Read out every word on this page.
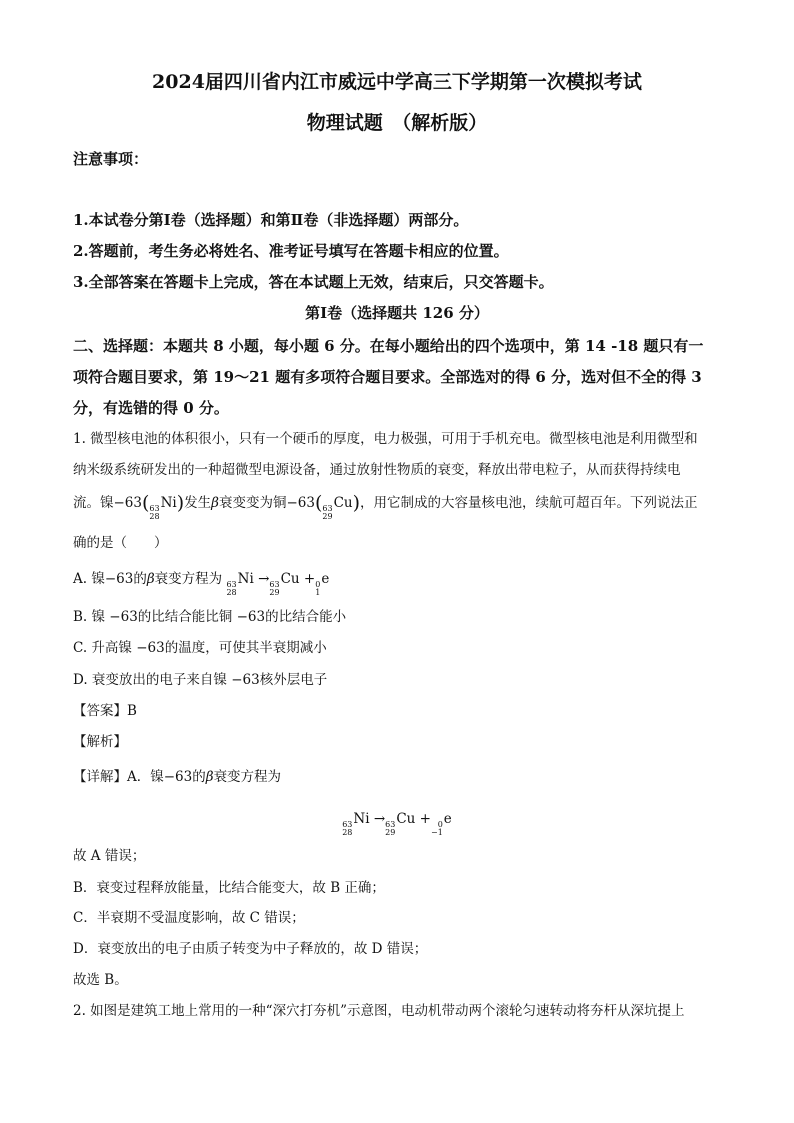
2024届四川省内江市威远中学高三下学期第一次模拟考试
物理试题　（解析版）
注意事项：
1.本试卷分第Ⅰ卷（选择题）和第Ⅱ卷（非选择题）两部分。
2.答题前，考生务必将姓名、准考证号填写在答题卡相应的位置。
3.全部答案在答题卡上完成，答在本试题上无效，结束后，只交答题卡。
第Ⅰ卷（选择题共 126 分）
二、选择题：本题共 8 小题，每小题 6 分。在每小题给出的四个选项中，第 14 -18 题只有一
项符合题目要求，第 19～21 题有多项符合题目要求。全部选对的得 6 分，选对但不全的得 3
分，有选错的得 0 分。
1. 微型核电池的体积很小，只有一个硬币的厚度，电力极强，可用于手机充电。微型核电池是利用微型和
纳米级系统研发出的一种超微型电源设备，通过放射性物质的衰变，释放出带电粒子，从而获得持续电
流。镍−63( 63
28
Ni)发生β衰变变为铜−63( 63
29
Cu)，用它制成的大容量核电池，续航可超百年。下列说法正
确的是（　　）
A. 镍−63的β衰变方程为 63
28
Ni → 63
29
Cu + 0
1
e
B. 镍 −63的比结合能比铜 −63的比结合能小
C. 升高镍 −63的温度，可使其半衰期减小
D. 衰变放出的电子来自镍 −63核外层电子
【答案】B
【解析】
【详解】A．镍−63的β衰变方程为
63
28
Ni → 63
29
Cu + 0
−1
e
故 A 错误；
B．衰变过程释放能量，比结合能变大，故 B 正确；
C．半衰期不受温度影响，故 C 错误；
D．衰变放出的电子由质子转变为中子释放的，故 D 错误；
故选 B。
2. 如图是建筑工地上常用的一种“深穴打夯机”示意图，电动机带动两个滚轮匀速转动将夯杆从深坑提上
